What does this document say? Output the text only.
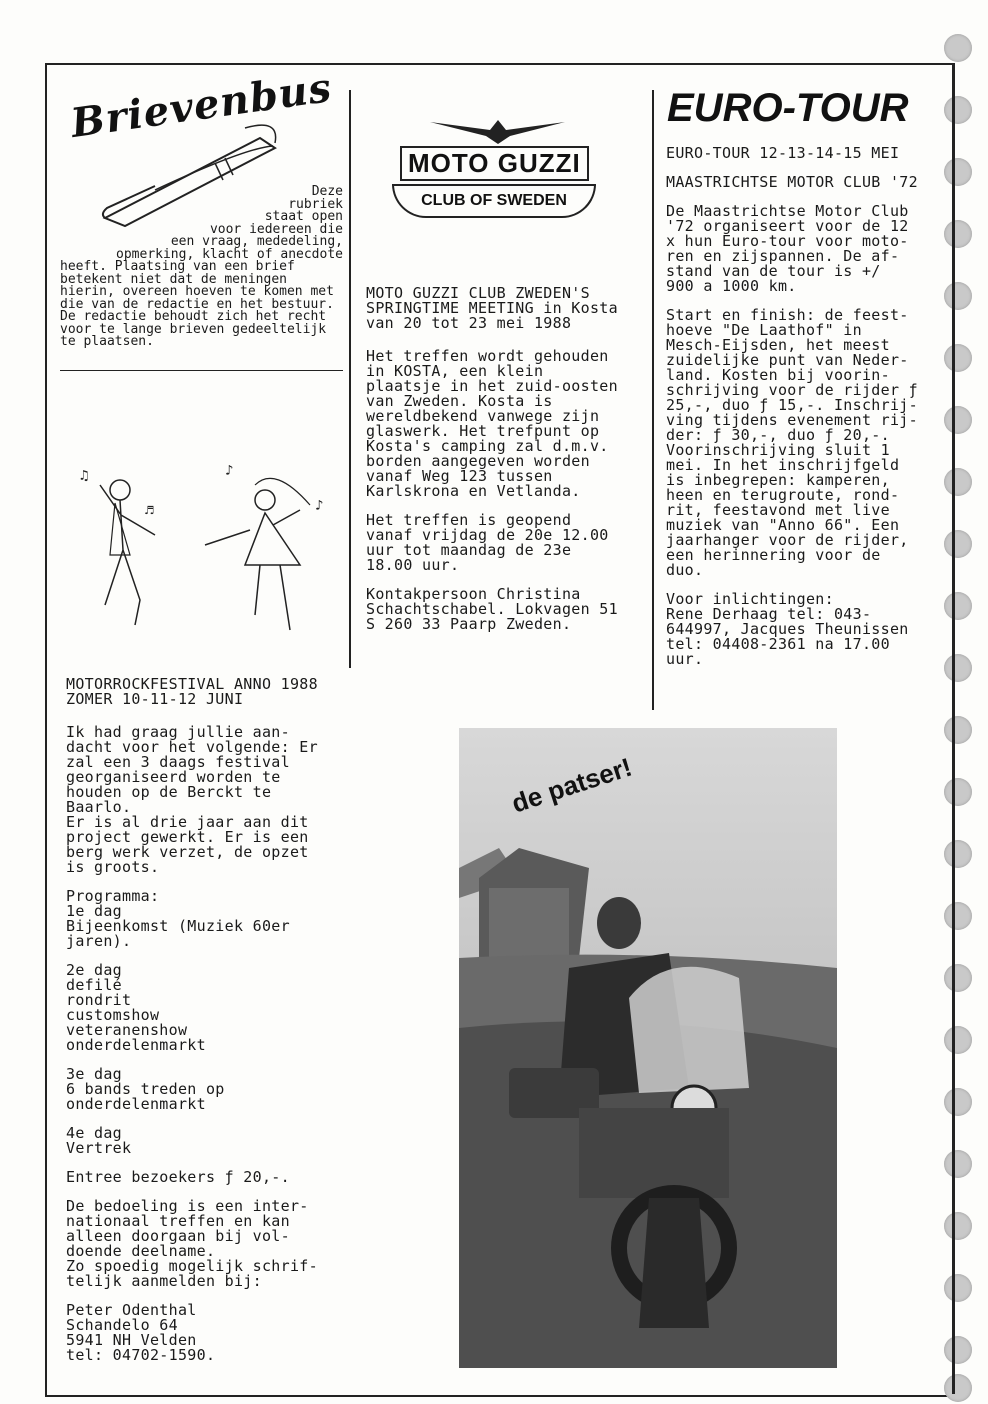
Brievenbus
Deze
rubriek
staat open
voor iedereen die
een vraag, mededeling,
opmerking, klacht of anecdote
heeft. Plaatsing van een brief betekent niet dat de meningen hierin, overeen hoeven te komen met die van de redactie en het bestuur.
De redactie behoudt zich het recht voor te lange brieven gedeeltelijk te plaatsen.
♫	♪
♪
♬

MOTORROCKFESTIVAL ANNO 1988
ZOMER 10-11-12 JUNI

Ik had graag jullie aan-
dacht voor het volgende: Er
zal een 3 daags festival
georganiseerd worden te
houden op de Berckt te
Baarlo.
Er is al drie jaar aan dit
project gewerkt. Er is een
berg werk verzet, de opzet
is groots.

Programma:
1e dag
Bijeenkomst (Muziek 60er
jaren).

2e dag
defilé
rondrit
customshow
veteranenshow
onderdelenmarkt

3e dag
6 bands treden op
onderdelenmarkt

4e dag
Vertrek

Entree bezoekers ƒ 20,-.

De bedoeling is een inter-
nationaal treffen en kan
alleen doorgaan bij vol-
doende deelname.
Zo spoedig mogelijk schrif-
telijk aanmelden bij:

Peter Odenthal
Schandelo 64
5941 NH Velden
tel: 04702-1590.

MOTO GUZZI
CLUB OF SWEDEN

MOTO GUZZI CLUB ZWEDEN'S
SPRINGTIME MEETING in Kosta
van 20 tot 23 mei 1988

Het treffen wordt gehouden
in KOSTA, een klein
plaatsje in het zuid-oosten
van Zweden. Kosta is
wereldbekend vanwege zijn
glaswerk. Het trefpunt op
Kosta's camping zal d.m.v.
borden aangegeven worden
vanaf Weg 123 tussen
Karlskrona en Vetlanda.

Het treffen is geopend
vanaf vrijdag de 20e 12.00
uur tot maandag de 23e
18.00 uur.

Kontakpersoon Christina
Schachtschabel. Lokvagen 51
S 260 33 Paarp Zweden.

EURO-TOUR

EURO-TOUR 12-13-14-15 MEI

MAASTRICHTSE MOTOR CLUB '72

De Maastrichtse Motor Club
'72 organiseert voor de 12
x hun Euro-tour voor moto-
ren en zijspannen. De af-
stand van de tour is +/
900 a 1000 km.

Start en finish: de feest-
hoeve "De Laathof" in
Mesch-Eijsden, het meest
zuidelijke punt van Neder-
land. Kosten bij voorin-
schrijving voor de rijder ƒ
25,-, duo ƒ 15,-. Inschrij-
ving tijdens evenement rij-
der: ƒ 30,-, duo ƒ 20,-.
Voorinschrijving sluit 1
mei. In het inschrijfgeld
is inbegrepen: kamperen,
heen en terugroute, rond-
rit, feestavond met live
muziek van "Anno 66". Een
jaarhanger voor de rijder,
een herinnering voor de
duo.

Voor inlichtingen:
Rene Derhaag tel: 043-
644997, Jacques Theunissen
tel: 04408-2361 na 17.00
uur.

de patser!
